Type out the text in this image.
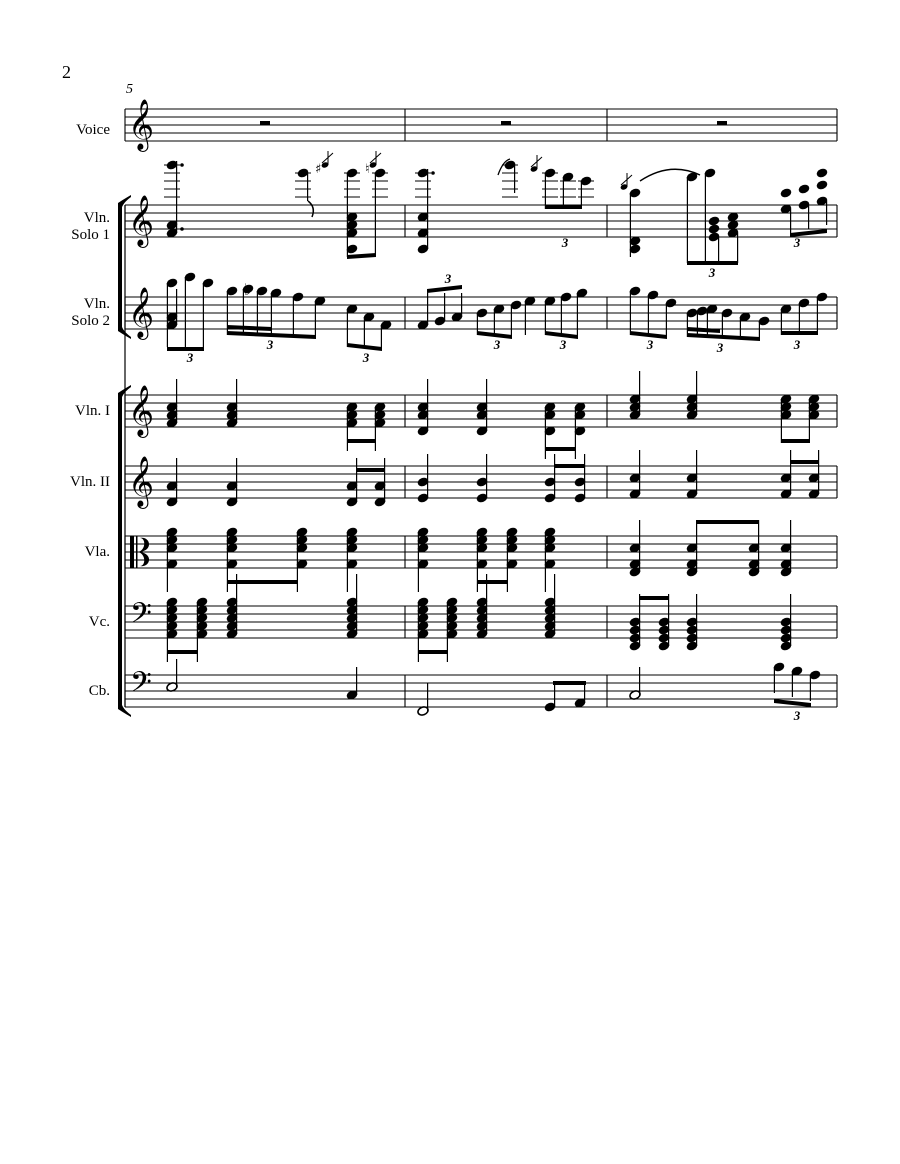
2
5
Voice
Vln.
Solo 1
Vln.
Solo 2
Vln. I
Vln. II
Vla.
Vc.
Cb.
𝄞
𝄞
𝄞
𝄞
𝄞
𝄢
𝄢
3
3
3
♭
3
3
3	3	3	3	3
3
3
3
♯	♮
